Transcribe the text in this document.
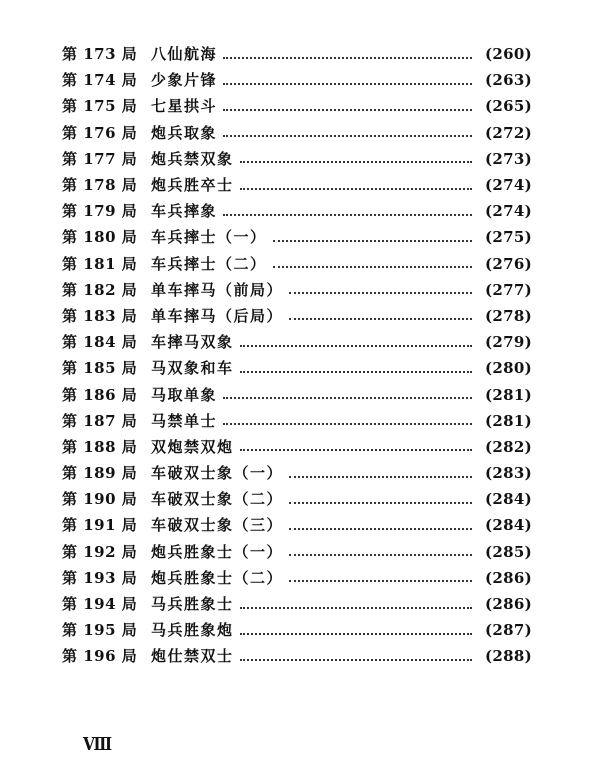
第 173 局 八仙航海	(260)
第 174 局 少象片锋	(263)
第 175 局 七星拱斗	(265)
第 176 局 炮兵取象	(272)
第 177 局 炮兵禁双象	(273)
第 178 局 炮兵胜卒士	(274)
第 179 局 车兵摔象	(274)
第 180 局 车兵摔士（一）	(275)
第 181 局 车兵摔士（二）	(276)
第 182 局 单车摔马（前局）	(277)
第 183 局 单车摔马（后局）	(278)
第 184 局 车摔马双象	(279)
第 185 局 马双象和车	(280)
第 186 局 马取单象	(281)
第 187 局 马禁单士	(281)
第 188 局 双炮禁双炮	(282)
第 189 局 车破双士象（一）	(283)
第 190 局 车破双士象（二）	(284)
第 191 局 车破双士象（三）	(284)
第 192 局 炮兵胜象士（一）	(285)
第 193 局 炮兵胜象士（二）	(286)
第 194 局 马兵胜象士	(286)
第 195 局 马兵胜象炮	(287)
第 196 局 炮仕禁双士	(288)
Ⅷ
